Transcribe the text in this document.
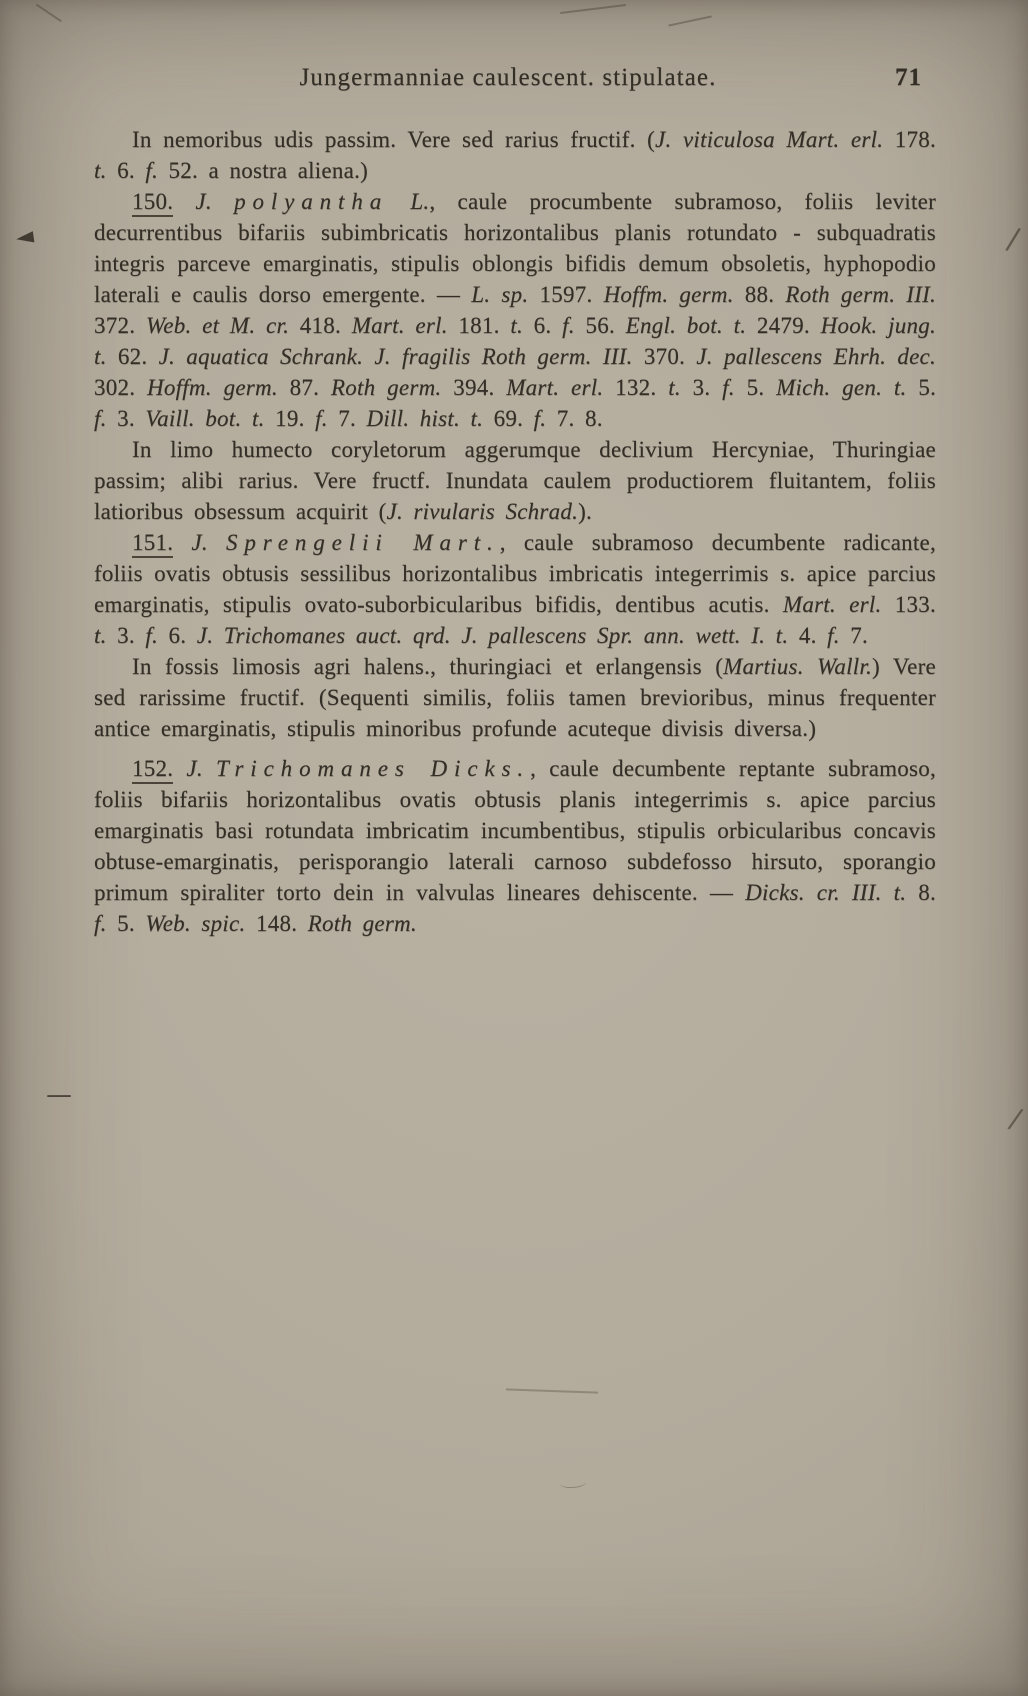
Jungermanniae caulescent. stipulatae.	71

In nemoribus udis passim. Vere sed rarius fructif. (J. viticulosa Mart. erl. 178. t. 6. f. 52. a nostra aliena.)

150. J. polyantha L., caule procumbente subramoso, foliis leviter decurrentibus bifariis subimbricatis horizontalibus planis rotundato - subquadratis integris parceve emarginatis, stipulis oblongis bifidis demum obsoletis, hyphopodio laterali e caulis dorso emergente. — L. sp. 1597. Hoffm. germ. 88. Roth germ. III. 372. Web. et M. cr. 418. Mart. erl. 181. t. 6. f. 56. Engl. bot. t. 2479. Hook. jung. t. 62. J. aquatica Schrank. J. fragilis Roth germ. III. 370. J. pallescens Ehrh. dec. 302. Hoffm. germ. 87. Roth germ. 394. Mart. erl. 132. t. 3. f. 5. Mich. gen. t. 5. f. 3. Vaill. bot. t. 19. f. 7. Dill. hist. t. 69. f. 7. 8.

In limo humecto coryletorum aggerumque declivium Hercyniae, Thuringiae passim; alibi rarius. Vere fructf. Inundata caulem productiorem fluitantem, foliis latioribus obsessum acquirit (J. rivularis Schrad.).

151. J. Sprengelii Mart., caule subramoso decumbente radicante, foliis ovatis obtusis sessilibus horizontalibus imbricatis integerrimis s. apice parcius emarginatis, stipulis ovato-suborbicularibus bifidis, dentibus acutis. Mart. erl. 133. t. 3. f. 6. J. Trichomanes auct. qrd. J. pallescens Spr. ann. wett. I. t. 4. f. 7.

In fossis limosis agri halens., thuringiaci et erlangensis (Martius. Wallr.) Vere sed rarissime fructif. (Sequenti similis, foliis tamen brevioribus, minus frequenter antice emarginatis, stipulis minoribus profunde acuteque divisis diversa.)

152. J. Trichomanes Dicks., caule decumbente reptante subramoso, foliis bifariis horizontalibus ovatis obtusis planis integerrimis s. apice parcius emarginatis basi rotundata imbricatim incumbentibus, stipulis orbicularibus concavis obtuse-emarginatis, perisporangio laterali carnoso subdefosso hirsuto, sporangio primum spiraliter torto dein in valvulas lineares dehiscente. — Dicks. cr. III. t. 8. f. 5. Web. spic. 148. Roth germ.

◄	/
—
/
